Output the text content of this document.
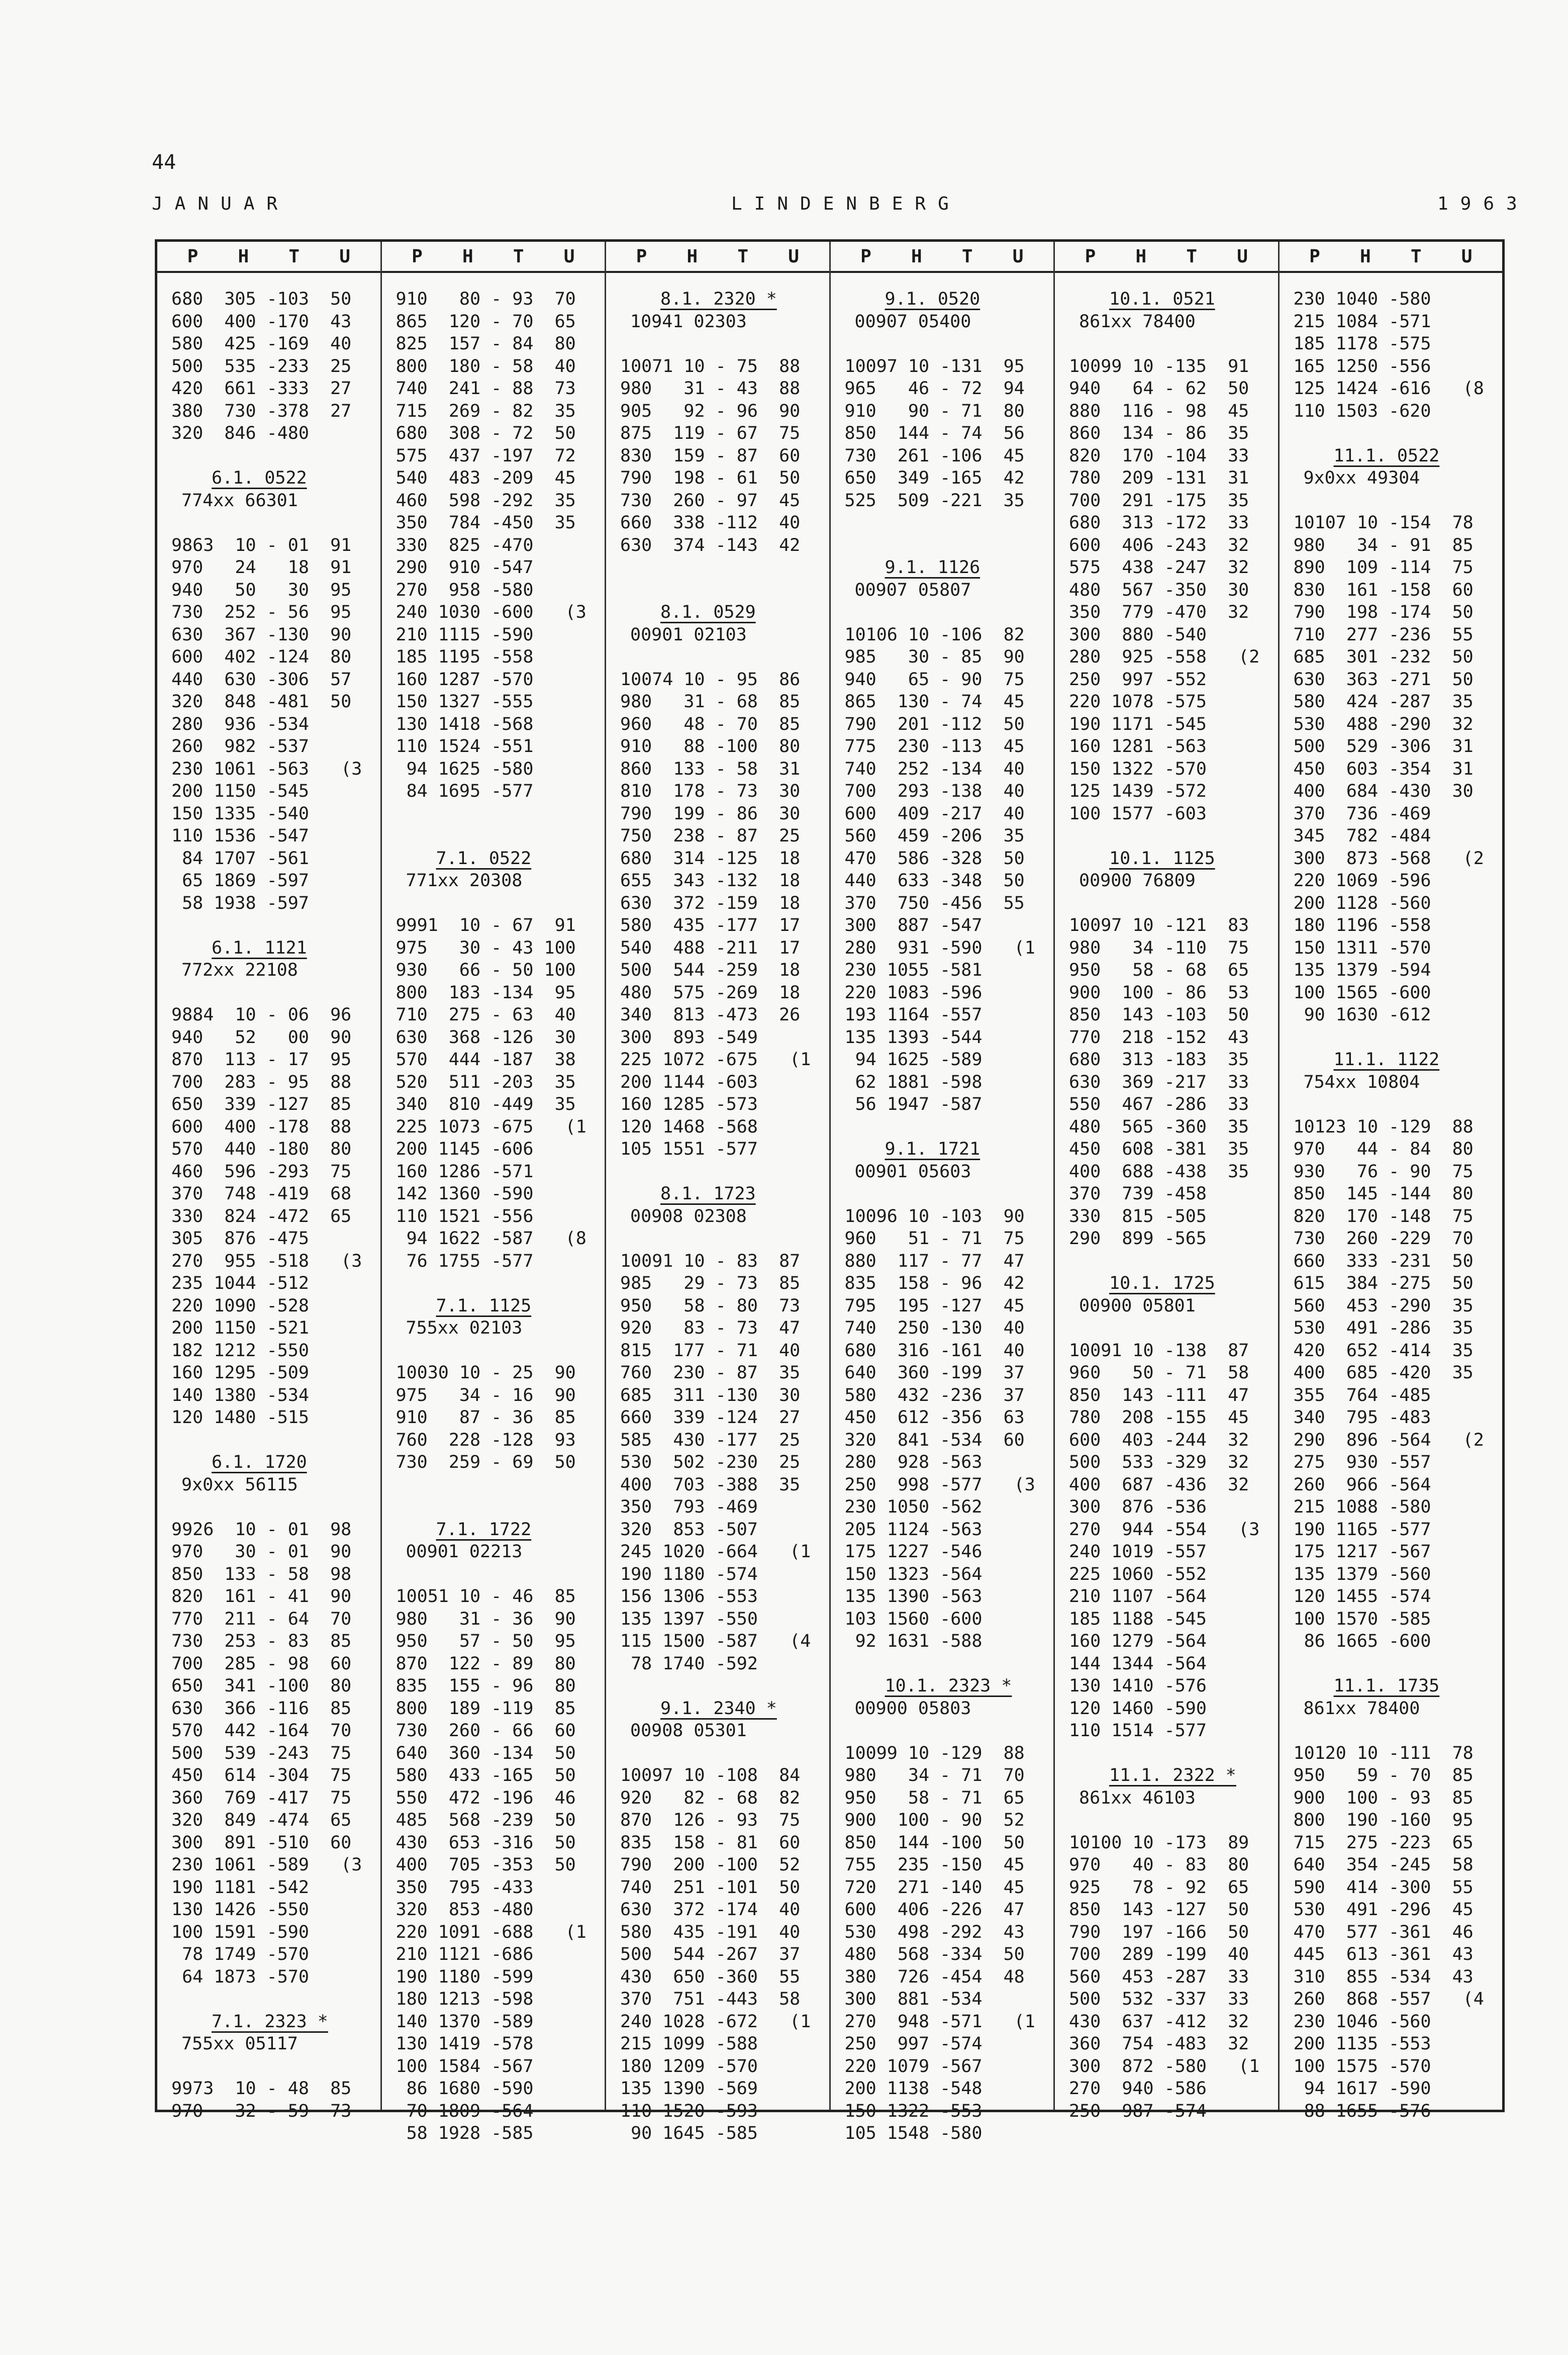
44
JANUAR	LINDENBERG	1963
P H T U
680  305 -103  50
600  400 -170  43
580  425 -169  40
500  535 -233  25
420  661 -333  27
380  730 -378  27
320  846 -480
6.1. 0522
774xx 66301
9863  10 - 01  91
970   24   18  91
940   50   30  95
730  252 - 56  95
630  367 -130  90
600  402 -124  80
440  630 -306  57
320  848 -481  50
280  936 -534
260  982 -537
230 1061 -563   (3
200 1150 -545
150 1335 -540
110 1536 -547
84 1707 -561
65 1869 -597
58 1938 -597
6.1. 1121
772xx 22108
9884  10 - 06  96
940   52   00  90
870  113 - 17  95
700  283 - 95  88
650  339 -127  85
600  400 -178  88
570  440 -180  80
460  596 -293  75
370  748 -419  68
330  824 -472  65
305  876 -475
270  955 -518   (3
235 1044 -512
220 1090 -528
200 1150 -521
182 1212 -550
160 1295 -509
140 1380 -534
120 1480 -515
6.1. 1720
9x0xx 56115
9926  10 - 01  98
970   30 - 01  90
850  133 - 58  98
820  161 - 41  90
770  211 - 64  70
730  253 - 83  85
700  285 - 98  60
650  341 -100  80
630  366 -116  85
570  442 -164  70
500  539 -243  75
450  614 -304  75
360  769 -417  75
320  849 -474  65
300  891 -510  60
230 1061 -589   (3
190 1181 -542
130 1426 -550
100 1591 -590
78 1749 -570
64 1873 -570
7.1. 2323 *
755xx 05117
9973  10 - 48  85
970   32 - 59  73
P H T U
910   80 - 93  70
865  120 - 70  65
825  157 - 84  80
800  180 - 58  40
740  241 - 88  73
715  269 - 82  35
680  308 - 72  50
575  437 -197  72
540  483 -209  45
460  598 -292  35
350  784 -450  35
330  825 -470
290  910 -547
270  958 -580
240 1030 -600   (3
210 1115 -590
185 1195 -558
160 1287 -570
150 1327 -555
130 1418 -568
110 1524 -551
94 1625 -580
84 1695 -577
7.1. 0522
771xx 20308
9991  10 - 67  91
975   30 - 43 100
930   66 - 50 100
800  183 -134  95
710  275 - 63  40
630  368 -126  30
570  444 -187  38
520  511 -203  35
340  810 -449  35
225 1073 -675   (1
200 1145 -606
160 1286 -571
142 1360 -590
110 1521 -556
94 1622 -587   (8
76 1755 -577
7.1. 1125
755xx 02103
10030 10 - 25  90
975   34 - 16  90
910   87 - 36  85
760  228 -128  93
730  259 - 69  50
7.1. 1722
00901 02213
10051 10 - 46  85
980   31 - 36  90
950   57 - 50  95
870  122 - 89  80
835  155 - 96  80
800  189 -119  85
730  260 - 66  60
640  360 -134  50
580  433 -165  50
550  472 -196  46
485  568 -239  50
430  653 -316  50
400  705 -353  50
350  795 -433
320  853 -480
220 1091 -688   (1
210 1121 -686
190 1180 -599
180 1213 -598
140 1370 -589
130 1419 -578
100 1584 -567
86 1680 -590
70 1809 -564
58 1928 -585
P H T U
8.1. 2320 *
10941 02303
10071 10 - 75  88
980   31 - 43  88
905   92 - 96  90
875  119 - 67  75
830  159 - 87  60
790  198 - 61  50
730  260 - 97  45
660  338 -112  40
630  374 -143  42
8.1. 0529
00901 02103
10074 10 - 95  86
980   31 - 68  85
960   48 - 70  85
910   88 -100  80
860  133 - 58  31
810  178 - 73  30
790  199 - 86  30
750  238 - 87  25
680  314 -125  18
655  343 -132  18
630  372 -159  18
580  435 -177  17
540  488 -211  17
500  544 -259  18
480  575 -269  18
340  813 -473  26
300  893 -549
225 1072 -675   (1
200 1144 -603
160 1285 -573
120 1468 -568
105 1551 -577
8.1. 1723
00908 02308
10091 10 - 83  87
985   29 - 73  85
950   58 - 80  73
920   83 - 73  47
815  177 - 71  40
760  230 - 87  35
685  311 -130  30
660  339 -124  27
585  430 -177  25
530  502 -230  25
400  703 -388  35
350  793 -469
320  853 -507
245 1020 -664   (1
190 1180 -574
156 1306 -553
135 1397 -550
115 1500 -587   (4
78 1740 -592
9.1. 2340 *
00908 05301
10097 10 -108  84
920   82 - 68  82
870  126 - 93  75
835  158 - 81  60
790  200 -100  52
740  251 -101  50
630  372 -174  40
580  435 -191  40
500  544 -267  37
430  650 -360  55
370  751 -443  58
240 1028 -672   (1
215 1099 -588
180 1209 -570
135 1390 -569
110 1520 -593
90 1645 -585
P H T U
9.1. 0520
00907 05400
10097 10 -131  95
965   46 - 72  94
910   90 - 71  80
850  144 - 74  56
730  261 -106  45
650  349 -165  42
525  509 -221  35
9.1. 1126
00907 05807
10106 10 -106  82
985   30 - 85  90
940   65 - 90  75
865  130 - 74  45
790  201 -112  50
775  230 -113  45
740  252 -134  40
700  293 -138  40
600  409 -217  40
560  459 -206  35
470  586 -328  50
440  633 -348  50
370  750 -456  55
300  887 -547
280  931 -590   (1
230 1055 -581
220 1083 -596
193 1164 -557
135 1393 -544
94 1625 -589
62 1881 -598
56 1947 -587
9.1. 1721
00901 05603
10096 10 -103  90
960   51 - 71  75
880  117 - 77  47
835  158 - 96  42
795  195 -127  45
740  250 -130  40
680  316 -161  40
640  360 -199  37
580  432 -236  37
450  612 -356  63
320  841 -534  60
280  928 -563
250  998 -577   (3
230 1050 -562
205 1124 -563
175 1227 -546
150 1323 -564
135 1390 -563
103 1560 -600
92 1631 -588
10.1. 2323 *
00900 05803
10099 10 -129  88
980   34 - 71  70
950   58 - 71  65
900  100 - 90  52
850  144 -100  50
755  235 -150  45
720  271 -140  45
600  406 -226  47
530  498 -292  43
480  568 -334  50
380  726 -454  48
300  881 -534
270  948 -571   (1
250  997 -574
220 1079 -567
200 1138 -548
150 1322 -553
105 1548 -580
P H T U
10.1. 0521
861xx 78400
10099 10 -135  91
940   64 - 62  50
880  116 - 98  45
860  134 - 86  35
820  170 -104  33
780  209 -131  31
700  291 -175  35
680  313 -172  33
600  406 -243  32
575  438 -247  32
480  567 -350  30
350  779 -470  32
300  880 -540
280  925 -558   (2
250  997 -552
220 1078 -575
190 1171 -545
160 1281 -563
150 1322 -570
125 1439 -572
100 1577 -603
10.1. 1125
00900 76809
10097 10 -121  83
980   34 -110  75
950   58 - 68  65
900  100 - 86  53
850  143 -103  50
770  218 -152  43
680  313 -183  35
630  369 -217  33
550  467 -286  33
480  565 -360  35
450  608 -381  35
400  688 -438  35
370  739 -458
330  815 -505
290  899 -565
10.1. 1725
00900 05801
10091 10 -138  87
960   50 - 71  58
850  143 -111  47
780  208 -155  45
600  403 -244  32
500  533 -329  32
400  687 -436  32
300  876 -536
270  944 -554   (3
240 1019 -557
225 1060 -552
210 1107 -564
185 1188 -545
160 1279 -564
144 1344 -564
130 1410 -576
120 1460 -590
110 1514 -577
11.1. 2322 *
861xx 46103
10100 10 -173  89
970   40 - 83  80
925   78 - 92  65
850  143 -127  50
790  197 -166  50
700  289 -199  40
560  453 -287  33
500  532 -337  33
430  637 -412  32
360  754 -483  32
300  872 -580   (1
270  940 -586
250  987 -574
P H T U
230 1040 -580
215 1084 -571
185 1178 -575
165 1250 -556
125 1424 -616   (8
110 1503 -620
11.1. 0522
9x0xx 49304
10107 10 -154  78
980   34 - 91  85
890  109 -114  75
830  161 -158  60
790  198 -174  50
710  277 -236  55
685  301 -232  50
630  363 -271  50
580  424 -287  35
530  488 -290  32
500  529 -306  31
450  603 -354  31
400  684 -430  30
370  736 -469
345  782 -484
300  873 -568   (2
220 1069 -596
200 1128 -560
180 1196 -558
150 1311 -570
135 1379 -594
100 1565 -600
90 1630 -612
11.1. 1122
754xx 10804
10123 10 -129  88
970   44 - 84  80
930   76 - 90  75
850  145 -144  80
820  170 -148  75
730  260 -229  70
660  333 -231  50
615  384 -275  50
560  453 -290  35
530  491 -286  35
420  652 -414  35
400  685 -420  35
355  764 -485
340  795 -483
290  896 -564   (2
275  930 -557
260  966 -564
215 1088 -580
190 1165 -577
175 1217 -567
135 1379 -560
120 1455 -574
100 1570 -585
86 1665 -600
11.1. 1735
861xx 78400
10120 10 -111  78
950   59 - 70  85
900  100 - 93  85
800  190 -160  95
715  275 -223  65
640  354 -245  58
590  414 -300  55
530  491 -296  45
470  577 -361  46
445  613 -361  43
310  855 -534  43
260  868 -557   (4
230 1046 -560
200 1135 -553
100 1575 -570
94 1617 -590
88 1655 -576
